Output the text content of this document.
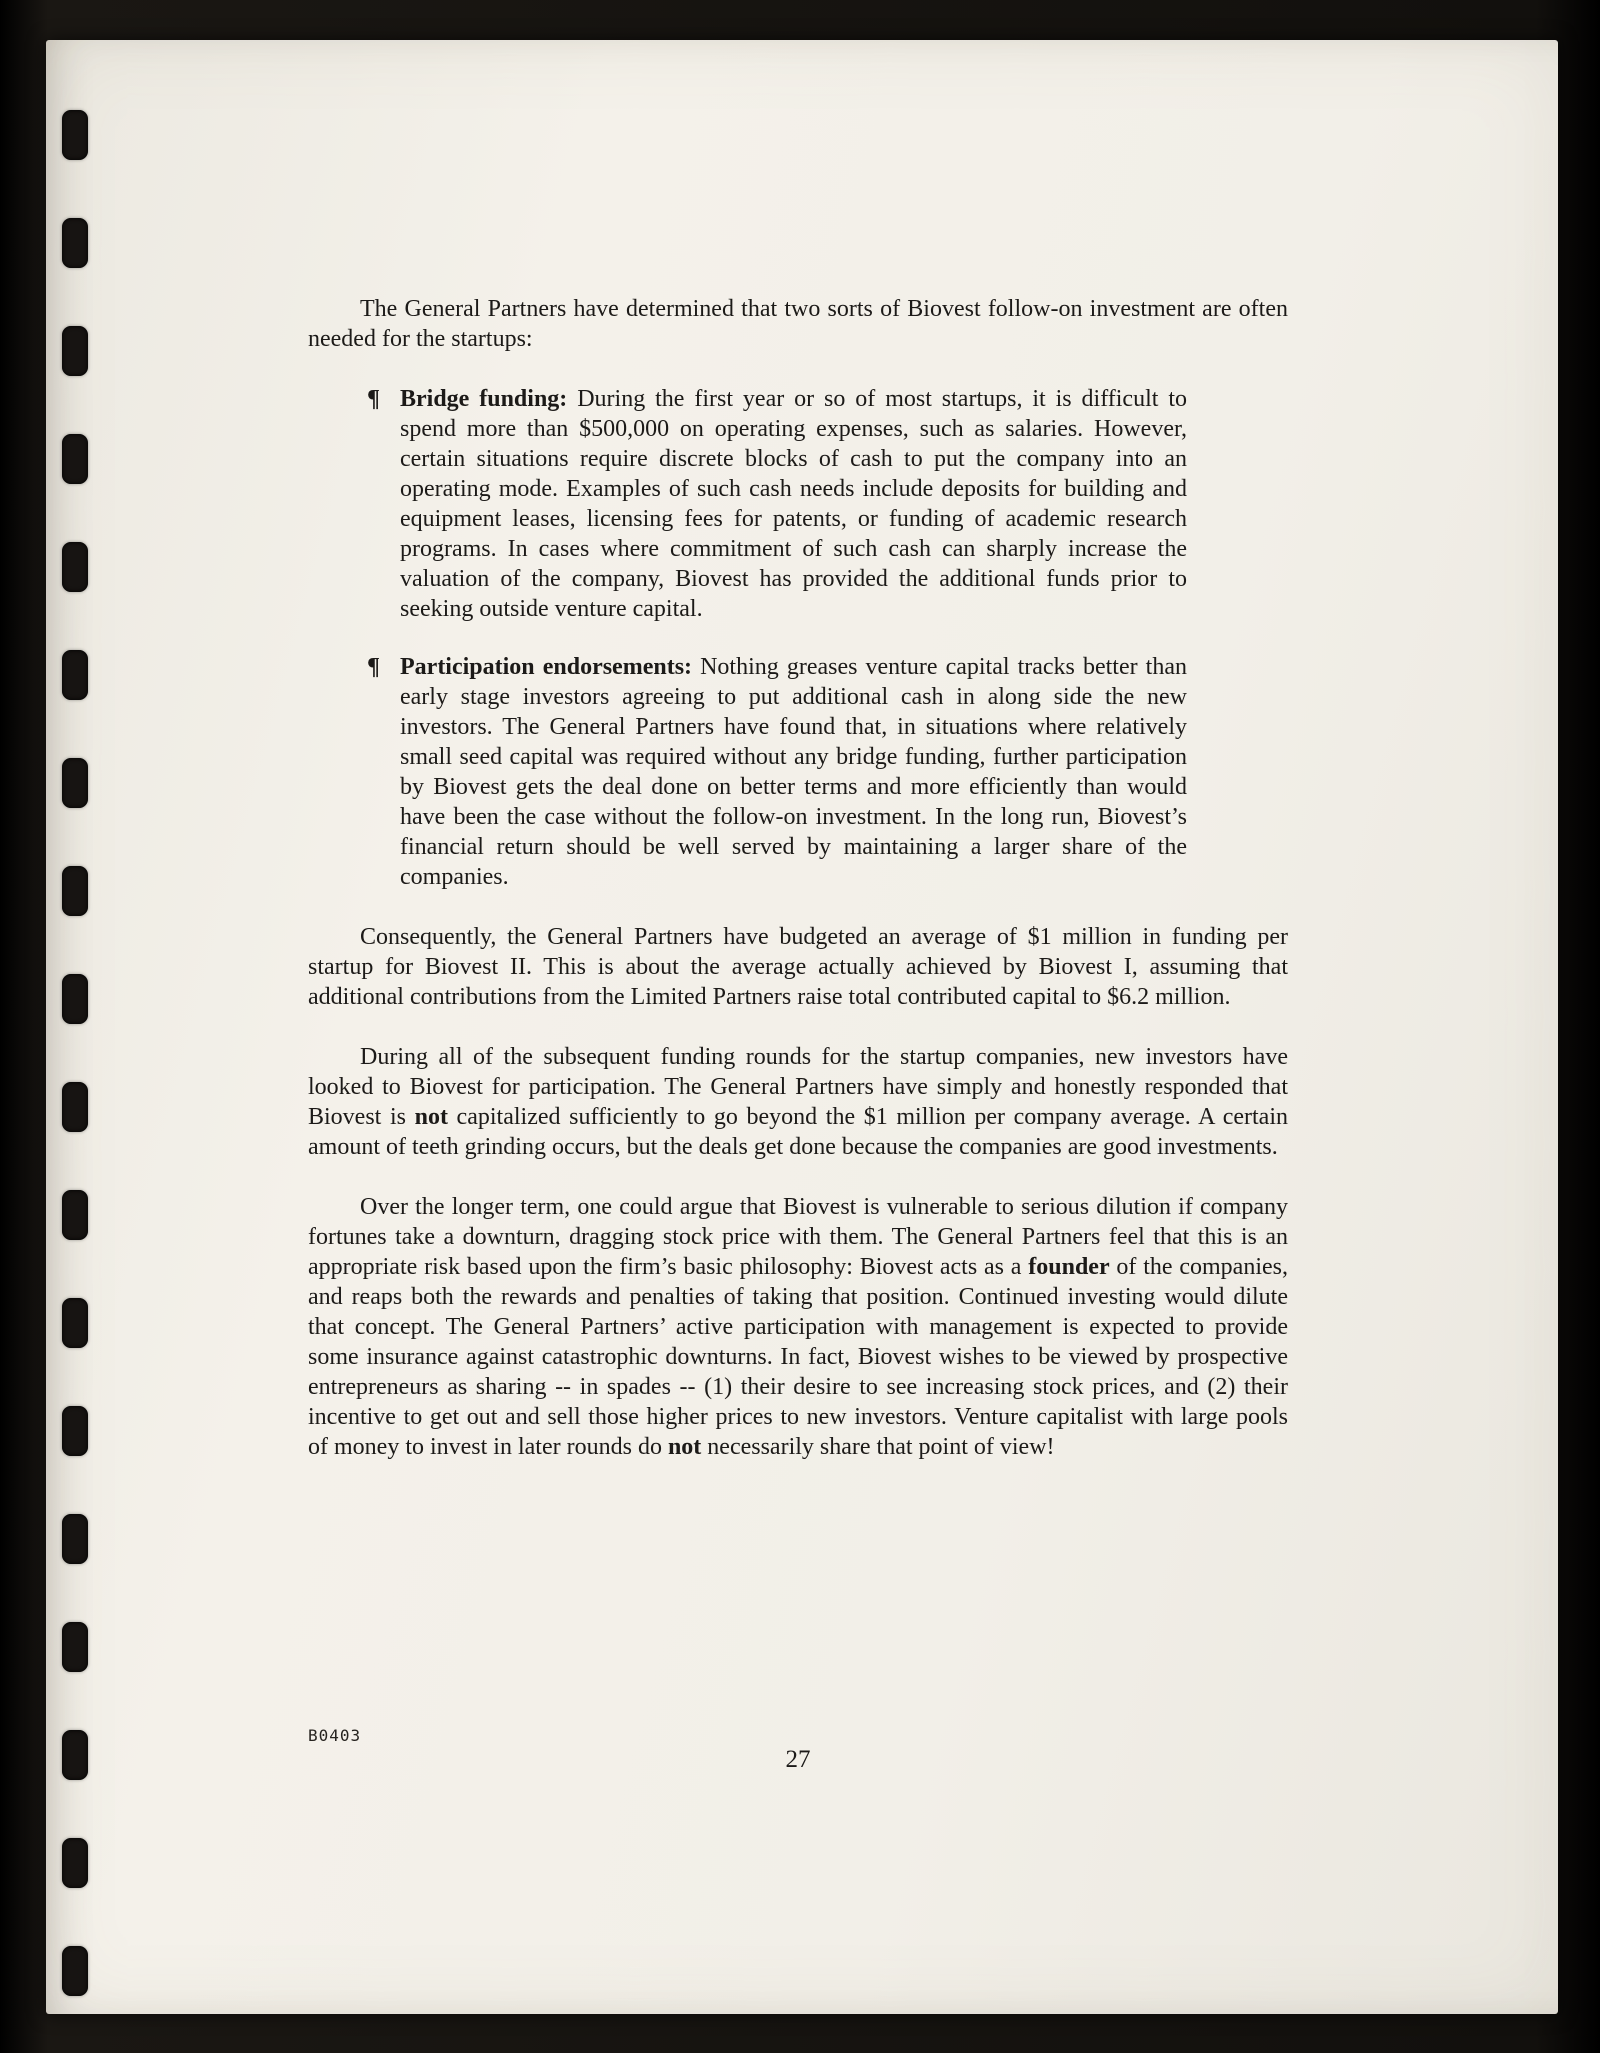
The General Partners have determined that two sorts of Biovest follow-on investment are often needed for the startups:

¶ Bridge funding: During the first year or so of most startups, it is difficult to spend more than $500,000 on operating expenses, such as salaries. However, certain situations require discrete blocks of cash to put the company into an operating mode. Examples of such cash needs include deposits for building and equipment leases, licensing fees for patents, or funding of academic research programs. In cases where commitment of such cash can sharply increase the valuation of the company, Biovest has provided the additional funds prior to seeking outside venture capital.

¶ Participation endorsements: Nothing greases venture capital tracks better than early stage investors agreeing to put additional cash in along side the new investors. The General Partners have found that, in situations where relatively small seed capital was required without any bridge funding, further participation by Biovest gets the deal done on better terms and more efficiently than would have been the case without the follow-on investment. In the long run, Biovest’s financial return should be well served by maintaining a larger share of the companies.

Consequently, the General Partners have budgeted an average of $1 million in funding per startup for Biovest II. This is about the average actually achieved by Biovest I, assuming that additional contributions from the Limited Partners raise total contributed capital to $6.2 million.

During all of the subsequent funding rounds for the startup companies, new investors have looked to Biovest for participation. The General Partners have simply and honestly responded that Biovest is not capitalized sufficiently to go beyond the $1 million per company average. A certain amount of teeth grinding occurs, but the deals get done because the companies are good investments.

Over the longer term, one could argue that Biovest is vulnerable to serious dilution if company fortunes take a downturn, dragging stock price with them. The General Partners feel that this is an appropriate risk based upon the firm’s basic philosophy: Biovest acts as a founder of the companies, and reaps both the rewards and penalties of taking that position. Continued investing would dilute that concept. The General Partners’ active participation with management is expected to provide some insurance against catastrophic downturns. In fact, Biovest wishes to be viewed by prospective entrepreneurs as sharing -- in spades -- (1) their desire to see increasing stock prices, and (2) their incentive to get out and sell those higher prices to new investors. Venture capitalist with large pools of money to invest in later rounds do not necessarily share that point of view!

B0403
27
